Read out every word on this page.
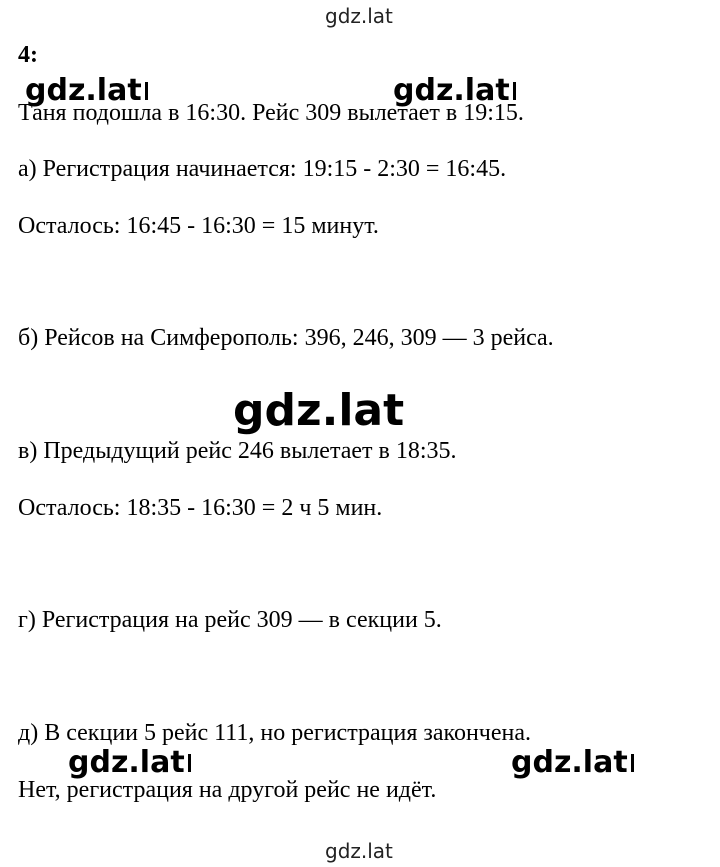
gdz.lat
4:
Таня подошла в 16:30. Рейс 309 вылетает в 19:15.
а) Регистрация начинается: 19:15 - 2:30 = 16:45.
Осталось: 16:45 - 16:30 = 15 минут.
б) Рейсов на Симферополь: 396, 246, 309 — 3 рейса.
в) Предыдущий рейс 246 вылетает в 18:35.
Осталось: 18:35 - 16:30 = 2 ч 5 мин.
г) Регистрация на рейс 309 — в секции 5.
д) В секции 5 рейс 111, но регистрация закончена.
Нет, регистрация на другой рейс не идёт.
gdz.lat	gdz.lat
gdz.lat
gdz.lat	gdz.lat
gdz.lat
